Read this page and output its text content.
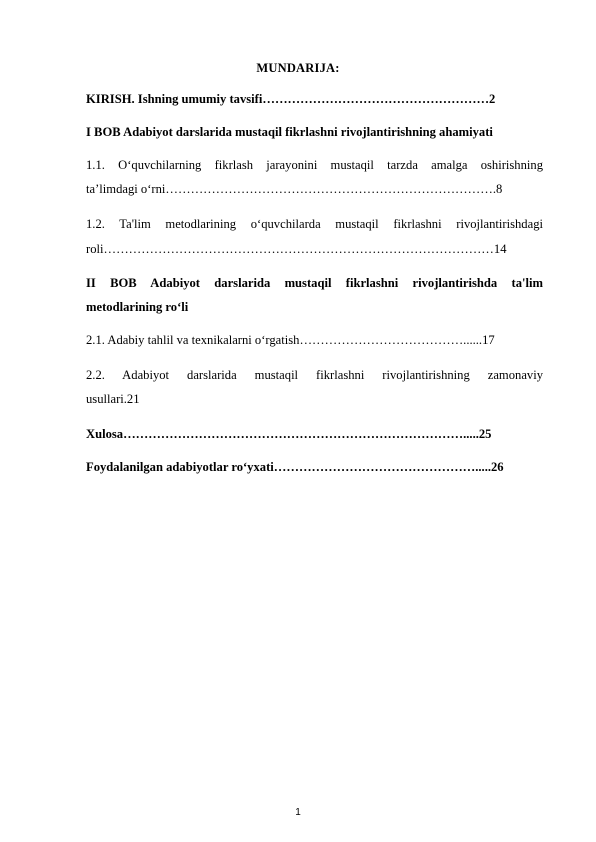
MUNDARIJA:
KIRISH. Ishning umumiy tavsifi………………………………………………2
I BOB Adabiyot darslarida mustaqil fikrlashni rivojlantirishning ahamiyati
1.1. O‘quvchilarning fikrlash jarayonini mustaqil tarzda amalga oshirishning
ta’limdagi o‘rni…………………………………………………………………….8
1.2. Ta'lim metodlarining o‘quvchilarda mustaqil fikrlashni rivojlantirishdagi
roli…………………………………………………………………………………14
II BOB Adabiyot darslarida mustaqil fikrlashni rivojlantirishda ta'lim
metodlarining ro‘li
2.1. Adabiy tahlil va texnikalarni o‘rgatish…………………………………......17
2.2. Adabiyot darslarida mustaqil fikrlashni rivojlantirishning zamonaviy
usullari.21
Xulosa……………………………………………………………………….....25
Foydalanilgan adabiyotlar ro‘yxati………………………………………….....26
1
